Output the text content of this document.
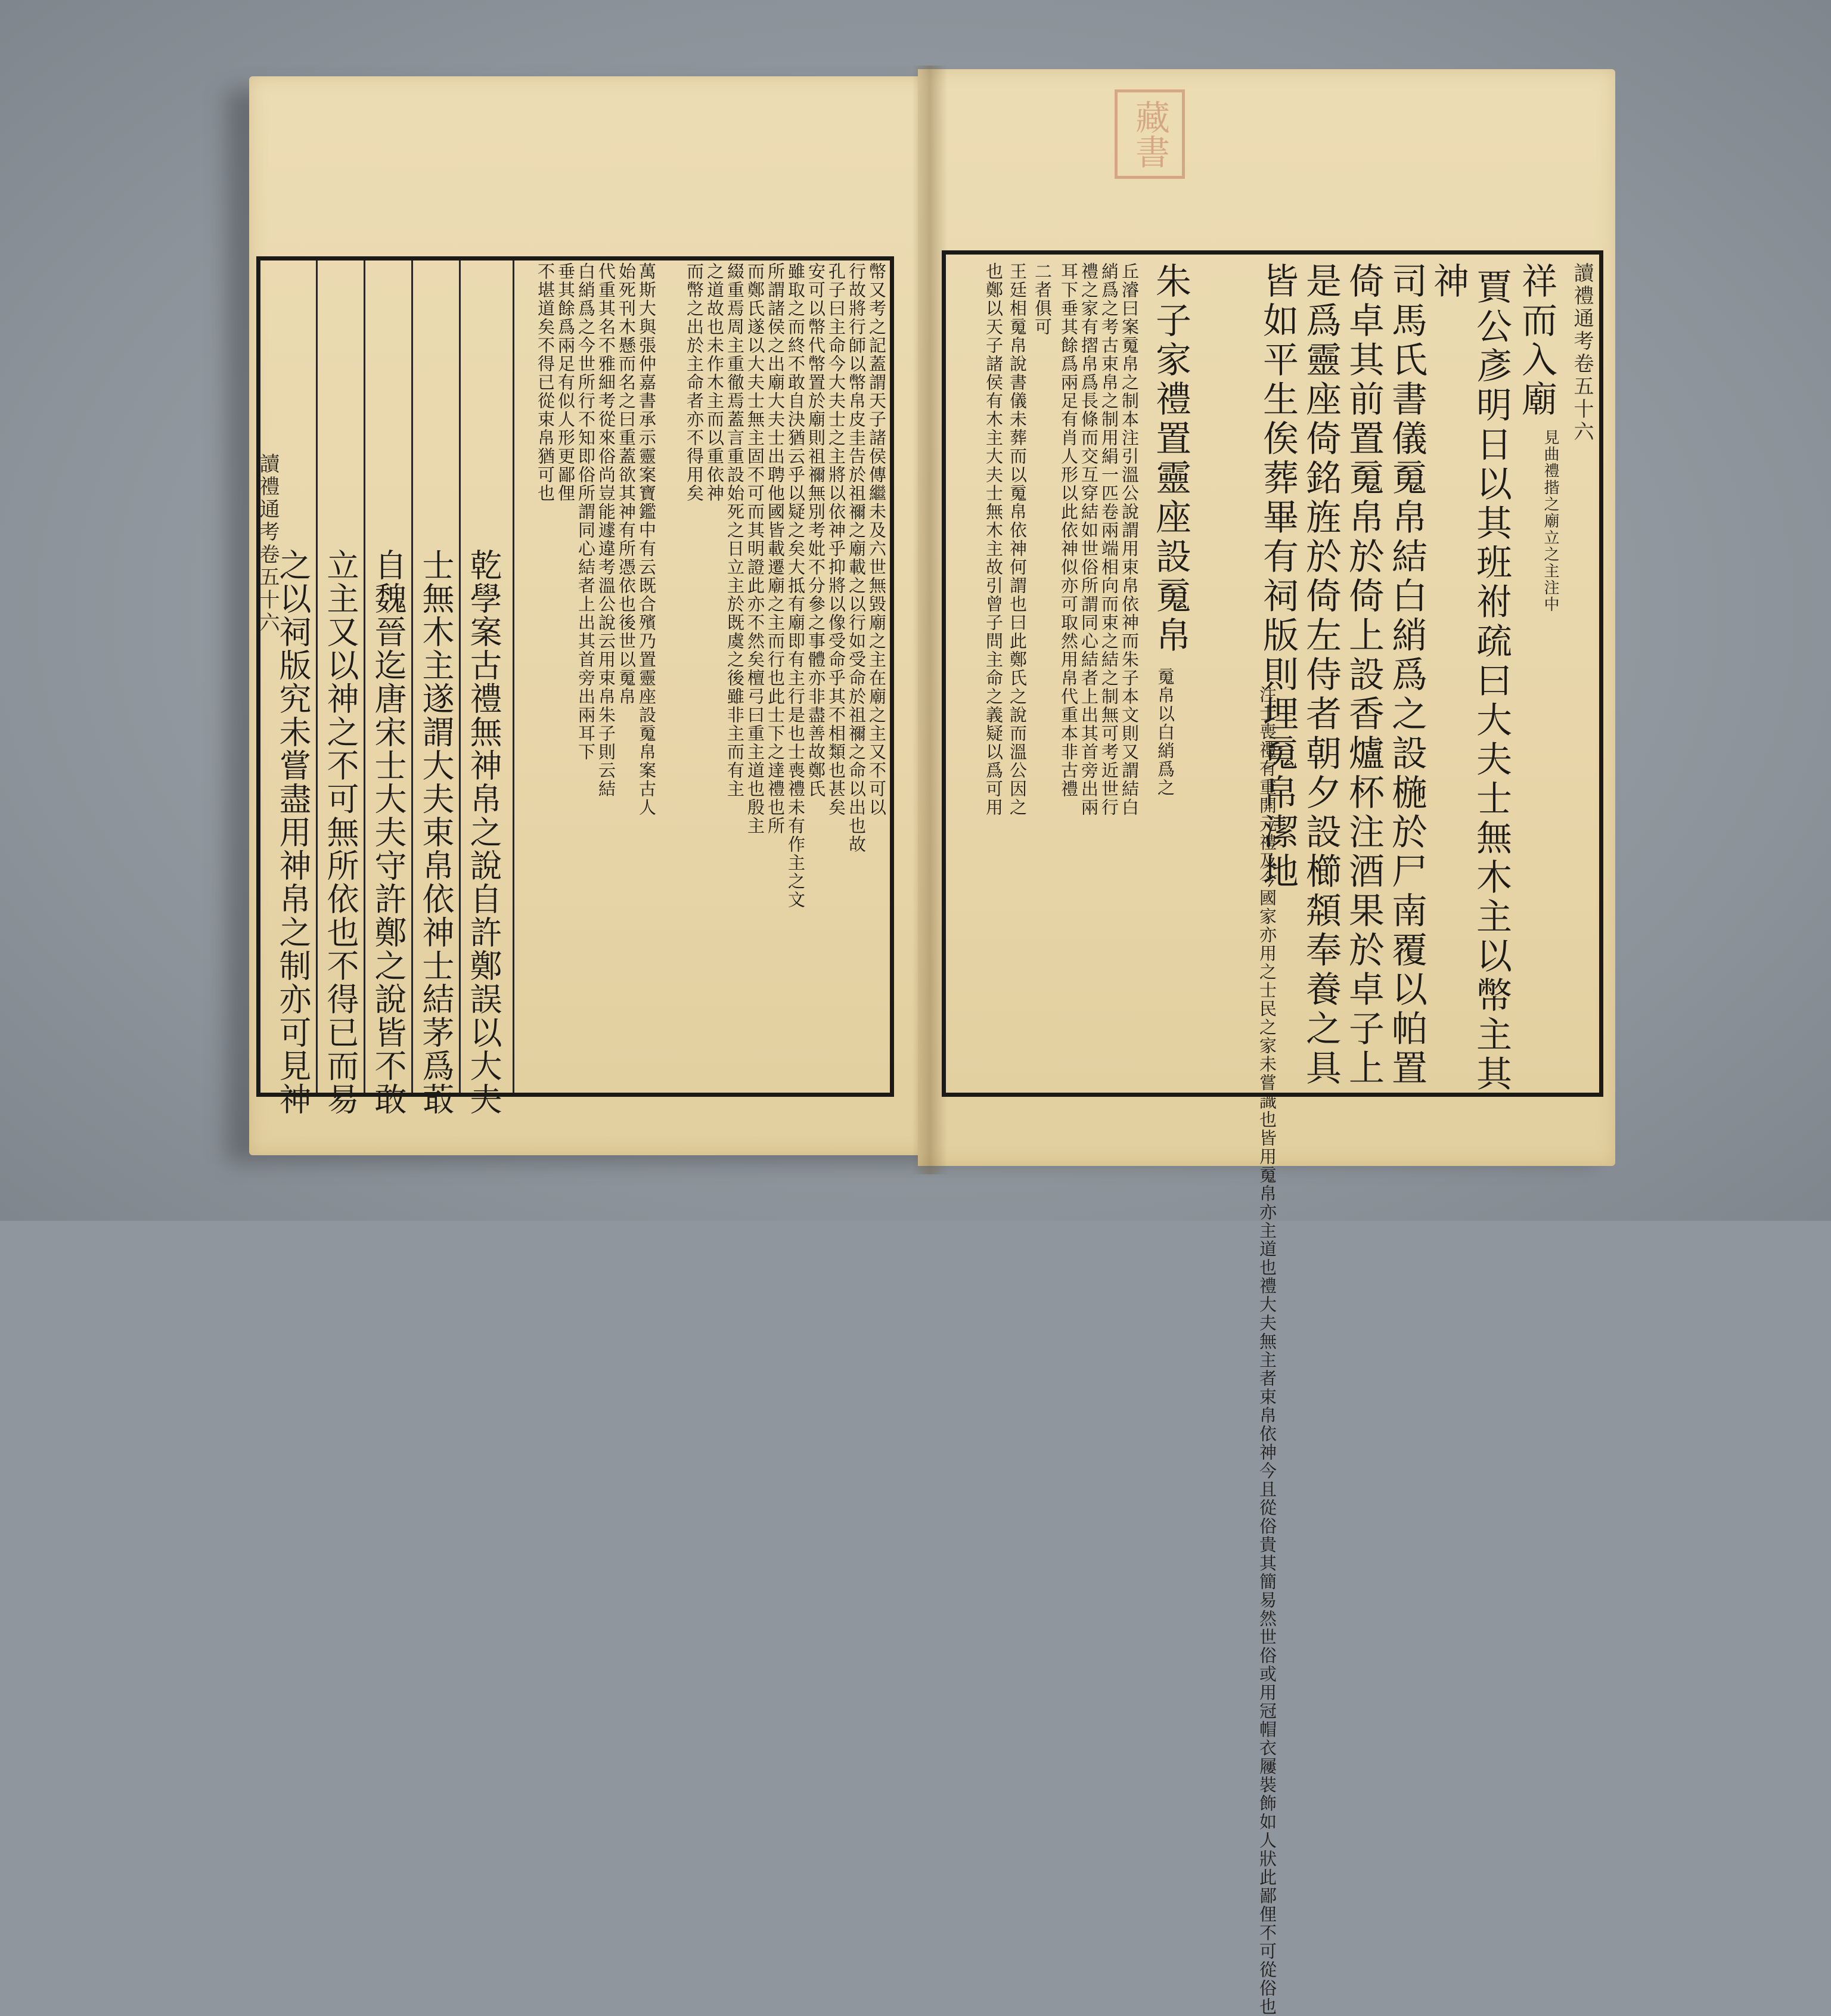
藏書
讀禮通考卷五十六
讀禮通考卷五十六
祥而入廟
見曲禮揩之廟立之主注中
賈公彥明日以其班祔疏曰大夫士無木主以幣主其
神
司馬氏書儀䰟帛結白綃爲之設椸於尸南覆以帕置
倚卓其前置䰟帛於倚上設香爐杯注酒果於卓子上
是爲靈座倚銘旌於倚左侍者朝夕設櫛頮奉養之具
皆如平生俟葬畢有祠版則埋䰟帛潔地
注士喪禮有重開元禮及今國家亦用之士民之家未嘗識也皆用䰟帛亦主道也禮大夫無主者束帛依神今且從俗貴其簡易然世俗或用冠帽衣屨裝飾如人狀此鄙俚不可從俗也
朱子家禮置靈座設䰟帛
䰟帛以白綃爲之
丘濬曰案䰟帛之制本注引溫公說謂用束帛依神而朱子本文則又謂結白
綃爲之考古束帛之制用絹一匹卷兩端相向而束之結之制無可考近世行
禮之家有摺帛爲長條而交互穿結如世俗所謂同心結者上出其首旁出兩
耳下垂其餘爲兩足有肖人形以此依神似亦可取然用帛代重本非古禮
二者俱可
王廷相䰟帛說書儀未葬而以䰟帛依神何謂也曰此鄭氏之說而溫公因之
也鄭以天子諸侯有木主大夫士無木主故引曾子問主命之義疑以爲可用
幣又考之記蓋謂天子諸侯傳繼未及六世無毀廟之主在廟之主又不可以
行故將行師以幣帛皮圭告於祖禰之廟載之以行如受命於祖禰之命以出也故
孔子曰主命今大夫士之主將以依神乎抑將以像受命乎其不相類也甚矣
安可以幣代幣置於廟則祖禰無別考妣不分參之事體亦非盡善故鄭氏
雖取之而終不敢自決猶云乎以疑之矣大抵有廟即有主行是也士喪禮未有作主之文
所謂諸侯之出廟大夫士出聘他國皆載遷廟之主而行也此士下之達禮也所
而鄭氏遂以大夫士無主固不可而其明證此亦不然矣檀弓曰重主道也殷主
綴重焉周主重徹焉蓋言重設始死之日立主於既虞之後雖非主而有主
之道故也未作木主而以重依神
而幣之出於主命者亦不得用矣
萬斯大與張仲嘉書承示靈案寶鑑中有云既合殯乃置靈座設䰟帛案古人
始死刊木懸而名之曰重蓋欲其神有所憑依也後世以䰟帛
代重其名不雅細考從來俗尚豈能遽違考溫公說云用束帛朱子則云結
白綃爲之今世所行不知即俗所謂同心結者上出其首旁出兩耳下
垂其餘爲兩足有似人形更鄙俚
不堪道矣不得已從束帛猶可也
乾學案古禮無神帛之說自許鄭誤以大夫
士無木主遂謂大夫束帛依神士結茅爲菆
自魏晉迄唐宋士大夫守許鄭之說皆不敢
立主又以神之不可無所依也不得已而易
之以祠版究未嘗盡用神帛之制亦可見神
